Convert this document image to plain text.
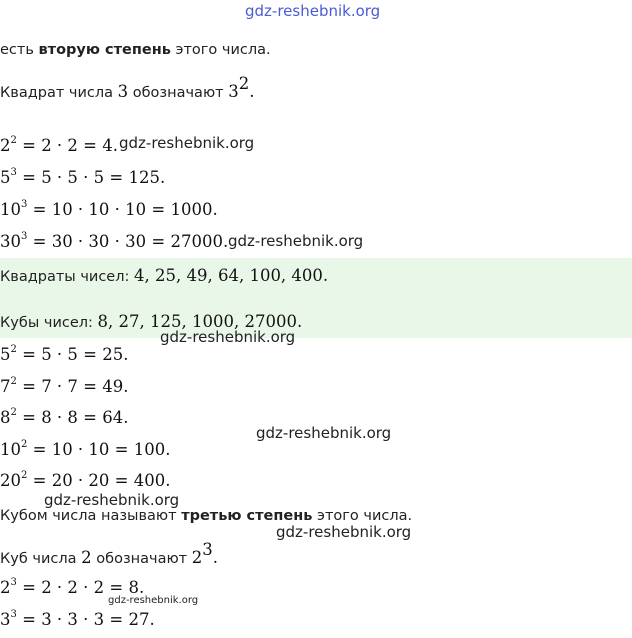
gdz-reshebnik.org
есть вторую степень этого числа.
Квадрат числа 3 обозначают $3^2$.
$2^2 = 2 \cdot 2 = 4$.
$5^3 = 5 \cdot 5 \cdot 5 = 125$.
$10^3 = 10 \cdot 10 \cdot 10 = 1000$.
$30^3 = 30 \cdot 30 \cdot 30 = 27000$.
Квадраты чисел: 4, 25, 49, 64, 100, 400.
Кубы чисел: 8, 27, 125, 1000, 27000.
$5^2 = 5 \cdot 5 = 25$.
$7^2 = 7 \cdot 7 = 49$.
$8^2 = 8 \cdot 8 = 64$.
$10^2 = 10 \cdot 10 = 100$.
$20^2 = 20 \cdot 20 = 400$.
Кубом числа называют третью степень этого числа.
Куб числа 2 обозначают $2^3$.
$2^3 = 2 \cdot 2 \cdot 2 = 8$.
$3^3 = 3 \cdot 3 \cdot 3 = 27$.
gdz-reshebnik.org
gdz-reshebnik.org
gdz-reshebnik.org
gdz-reshebnik.org
gdz-reshebnik.org
gdz-reshebnik.org
gdz-reshebnik.org
